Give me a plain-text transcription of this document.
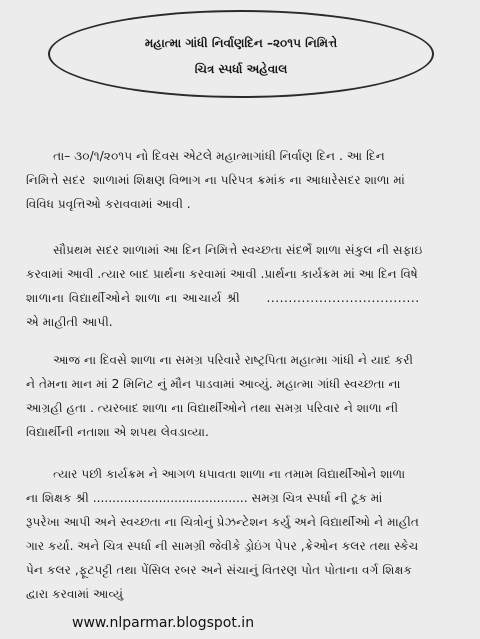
મહાત્મા ગાંધી નિર્વાણદિન –૨૦૧૫ નિમિત્તે
ચિત્ર સ્પર્ધા અહેવાલ
તા– ૩૦/૧/૨૦૧૫ નો દિવસ એટલે મહાત્માગાંધી નિર્વાણ દિન . આ દિન
નિમિત્તે સદર  શાળામાં શિક્ષણ વિભાગ ના પરિપત્ર ક્રમાંક ના આધારેસદર શાળા માં
વિવિધ પ્રવૃત્તિઓ કરાવવામાં આવી .
સૌપ્રથમ સદર શાળામાં આ દિન નિમિત્તે સ્વચ્છતા સંદર્ભે શાળા સંકુલ ની સફાઇ
કરવામાં આવી .ત્યાર બાદ પ્રાર્થના કરવામાં આવી .પ્રાર્થના કાર્યક્રમ માં આ દિન વિષે
શાળાના વિદ્યાર્થીઓને શાળા ના આચાર્ય શ્રી      ...................................
એ માહીતી આપી.
આજ ના દિવસે શાળા ના સમગ્ર પરિવારે રાષ્ટ્રપિતા મહાત્મા ગાંધી ને યાદ કરી
ને તેમના માન માં 2 મિનિટ નું મૌન પાડવામાં આવ્યું. મહાત્મા ગાંધી સ્વચ્છતા ના
આગ્રહી હતા . ત્યરબાદ શાળા ના વિદ્યાર્થીઓને તથા સમગ્ર પરિવાર ને શાળા ની
વિદ્યાર્થીની નતાશા એ શપથ લેવડાવ્યા.
ત્યાર પછી કાર્યક્રમ ને આગળ ધપાવતા શાળા ના તમામ વિદ્યાર્થીઓને શાળા
ના શિક્ષક શ્રી ........................................ સમગ્ર ચિત્ર સ્પર્ધા ની ટૂક માં
રૂપરેખા આપી અને સ્વચ્છતા ના ચિત્રોનું પ્રેઝન્ટેશન કર્યુ અને વિદ્યાર્થીઓ ને માહીત
ગાર કર્યા. અને ચિત્ર સ્પર્ધા ની સામગ્રી જેવીકે ડ્રોઇંગ પેપર ,ક્રેઓન કલર તથા સ્કેચ
પેન કલર ,ફૂટપટ્ટી તથા પેંસિલ રબર અને સંચાનું વિતરણ પોત પોતાના વર્ગ શિક્ષક
દ્વારા કરવામાં આવ્યું
www.nlparmar.blogspot.in
